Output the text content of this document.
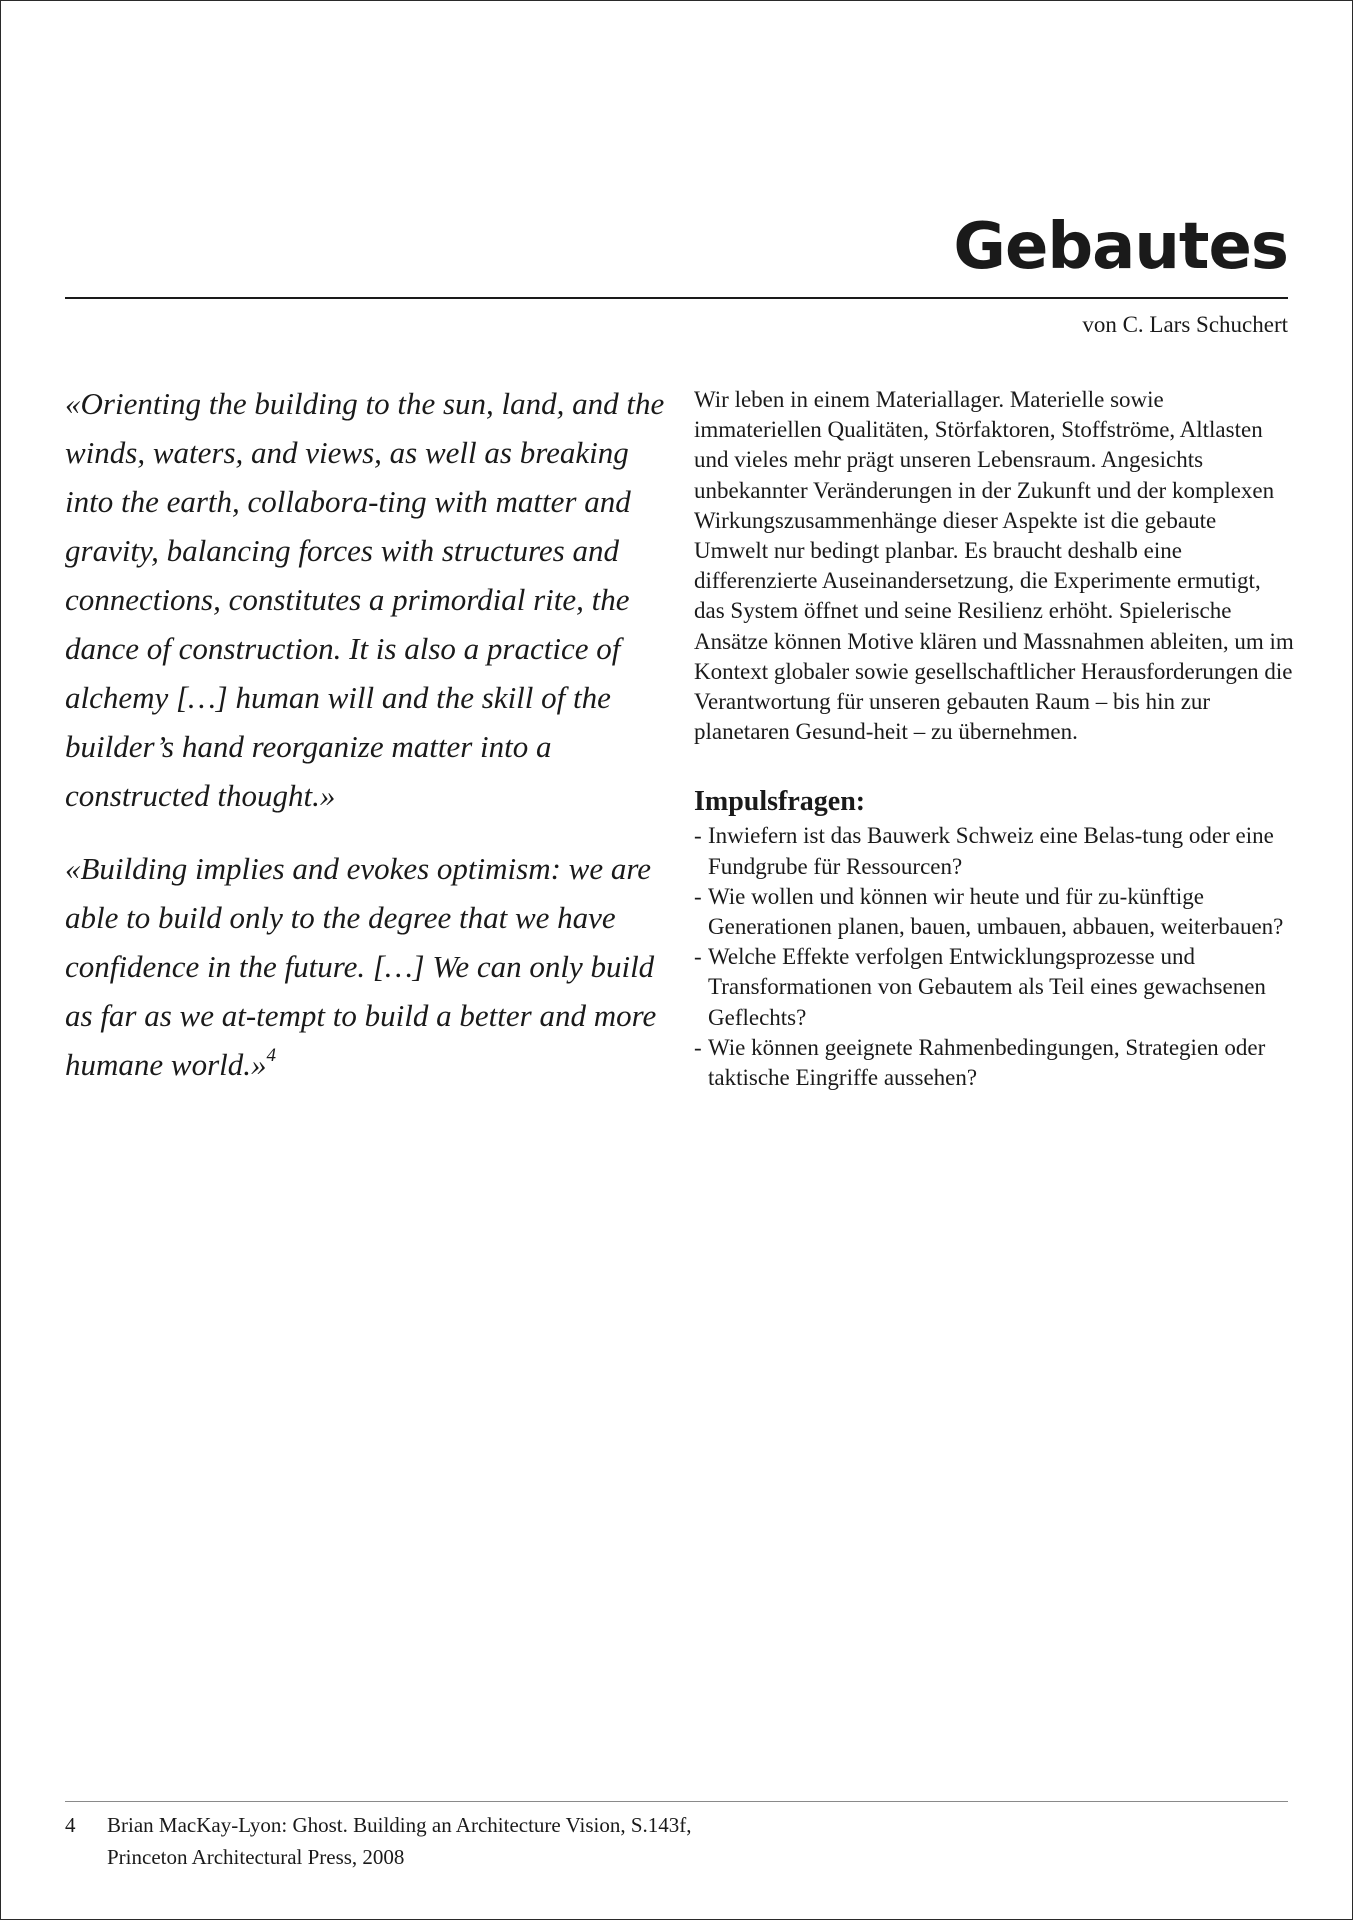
Gebautes
von C. Lars Schuchert

«Orienting the building to the sun, land, and the winds, waters, and views, as well as breaking into the earth, collabora-ting with matter and gravity, balancing forces with structures and connections, constitutes a primordial rite, the dance of construction. It is also a practice of alchemy […] human will and the skill of the builder’s hand reorganize matter into a constructed thought.»

«Building implies and evokes optimism: we are able to build only to the degree that we have confidence in the future. […] We can only build as far as we at-tempt to build a better and more humane world.»$^4$

Wir leben in einem Materiallager. Materielle sowie immateriellen Qualitäten, Störfaktoren, Stoffströme, Altlasten und vieles mehr prägt unseren Lebensraum. Angesichts unbekannter Veränderungen in der Zukunft und der komplexen Wirkungszusammenhänge dieser Aspekte ist die gebaute Umwelt nur bedingt planbar. Es braucht deshalb eine differenzierte Auseinandersetzung, die Experimente ermutigt, das System öffnet und seine Resilienz erhöht. Spielerische Ansätze können Motive klären und Massnahmen ableiten, um im Kontext globaler sowie gesellschaftlicher Herausforderungen die Verantwortung für unseren gebauten Raum – bis hin zur planetaren Gesund-heit – zu übernehmen.

Impulsfragen:
- Inwiefern ist das Bauwerk Schweiz eine Belas-tung oder eine Fundgrube für Ressourcen?
- Wie wollen und können wir heute und für zu-künftige Generationen planen, bauen, umbauen, abbauen, weiterbauen?
- Welche Effekte verfolgen Entwicklungsprozesse und Transformationen von Gebautem als Teil eines gewachsenen Geflechts?
- Wie können geeignete Rahmenbedingungen, Strategien oder taktische Eingriffe aussehen?
4 Brian MacKay-Lyon: Ghost. Building an Architecture Vision, S.143f, Princeton Architectural Press, 2008
